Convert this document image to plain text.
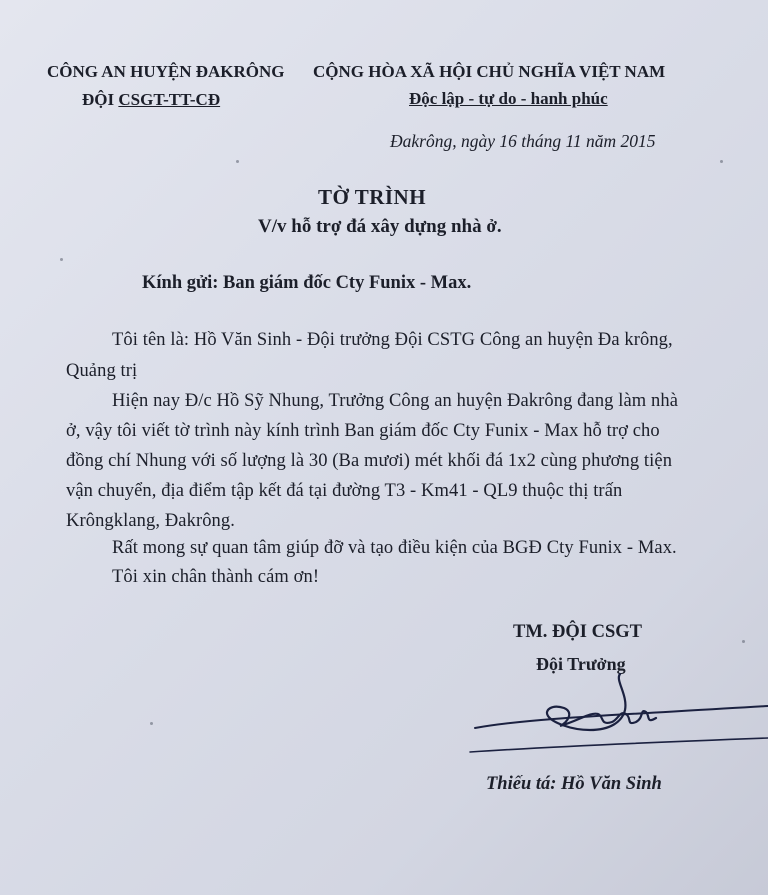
CÔNG AN HUYỆN ĐAKRÔNG
ĐỘI CSGT-TT-CĐ
CỘNG HÒA XÃ HỘI CHỦ NGHĨA VIỆT NAM
Độc lập - tự do - hanh phúc
Đakrông, ngày 16 tháng 11 năm 2015
TỜ TRÌNH
V/v hỗ trợ đá xây dựng nhà ở.
Kính gửi: Ban giám đốc Cty Funix - Max.
Tôi tên là: Hồ Văn Sinh - Đội trưởng Đội CSTG Công an huyện Đa krông,
Quảng trị
Hiện nay Đ/c Hồ Sỹ Nhung, Trưởng Công an huyện Đakrông đang làm nhà
ở, vậy tôi viết tờ trình này kính trình Ban giám đốc Cty Funix - Max hỗ trợ cho
đồng chí Nhung với số lượng là 30 (Ba mươi) mét khối đá 1x2 cùng phương tiện
vận chuyển, địa điểm tập kết đá tại đường T3 - Km41 - QL9 thuộc thị trấn
Krôngklang, Đakrông.
Rất mong sự quan tâm giúp đỡ và tạo điều kiện của BGĐ Cty Funix - Max.
Tôi xin chân thành cám ơn!
TM. ĐỘI CSGT
Đội Trưởng
Thiếu tá: Hồ Văn Sinh
